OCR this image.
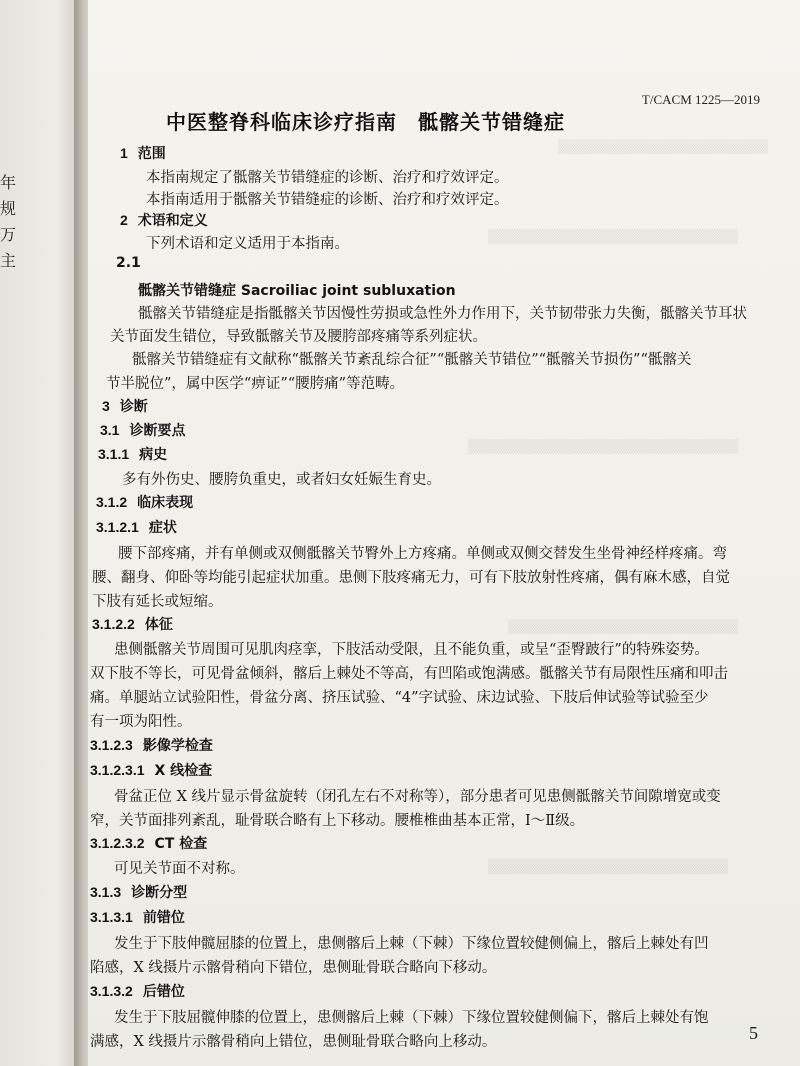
年
规
万
主
▒▒▒▒▒▒▒▒▒▒▒▒▒▒▒▒▒▒▒▒▒
▒▒▒▒▒▒▒▒▒▒▒▒▒▒▒▒▒▒▒▒▒▒▒▒▒
▒▒▒▒▒▒▒▒▒▒▒▒▒▒▒▒▒▒▒▒▒▒▒▒▒▒▒
▒▒▒▒▒▒▒▒▒▒▒▒▒▒▒▒▒▒▒▒▒▒▒
▒▒▒▒▒▒▒▒▒▒▒▒▒▒▒▒▒▒▒▒▒▒▒▒
T/CACM 1225—2019
中医整脊科临床诊疗指南　骶髂关节错缝症
1 范围
本指南规定了骶髂关节错缝症的诊断、治疗和疗效评定。
本指南适用于骶髂关节错缝症的诊断、治疗和疗效评定。
2 术语和定义
下列术语和定义适用于本指南。
2.1
骶髂关节错缝症 Sacroiliac joint subluxation
骶髂关节错缝症是指骶髂关节因慢性劳损或急性外力作用下，关节韧带张力失衡，骶髂关节耳状
关节面发生错位，导致骶髂关节及腰胯部疼痛等系列症状。
骶髂关节错缝症有文献称“骶髂关节紊乱综合征”“骶髂关节错位”“骶髂关节损伤”“骶髂关
节半脱位”，属中医学“痹证”“腰胯痛”等范畴。
3 诊断
3.1 诊断要点
3.1.1 病史
多有外伤史、腰胯负重史，或者妇女妊娠生育史。
3.1.2 临床表现
3.1.2.1 症状
腰下部疼痛，并有单侧或双侧骶髂关节臀外上方疼痛。单侧或双侧交替发生坐骨神经样疼痛。弯
腰、翻身、仰卧等均能引起症状加重。患侧下肢疼痛无力，可有下肢放射性疼痛，偶有麻木感，自觉
下肢有延长或短缩。
3.1.2.2 体征
患侧骶髂关节周围可见肌肉痉挛，下肢活动受限，且不能负重，或呈“歪臀跛行”的特殊姿势。
双下肢不等长，可见骨盆倾斜，髂后上棘处不等高，有凹陷或饱满感。骶髂关节有局限性压痛和叩击
痛。单腿站立试验阳性，骨盆分离、挤压试验、“4”字试验、床边试验、下肢后伸试验等试验至少
有一项为阳性。
3.1.2.3 影像学检查
3.1.2.3.1 X 线检查
骨盆正位 X 线片显示骨盆旋转（闭孔左右不对称等），部分患者可见患侧骶髂关节间隙增宽或变
窄，关节面排列紊乱，耻骨联合略有上下移动。腰椎椎曲基本正常，Ⅰ～Ⅱ级。
3.1.2.3.2 CT 检查
可见关节面不对称。
3.1.3 诊断分型
3.1.3.1 前错位
发生于下肢伸髋屈膝的位置上，患侧髂后上棘（下棘）下缘位置较健侧偏上，髂后上棘处有凹
陷感，X 线摄片示髂骨稍向下错位，患侧耻骨联合略向下移动。
3.1.3.2 后错位
发生于下肢屈髋伸膝的位置上，患侧髂后上棘（下棘）下缘位置较健侧偏下，髂后上棘处有饱
满感，X 线摄片示髂骨稍向上错位，患侧耻骨联合略向上移动。	5
